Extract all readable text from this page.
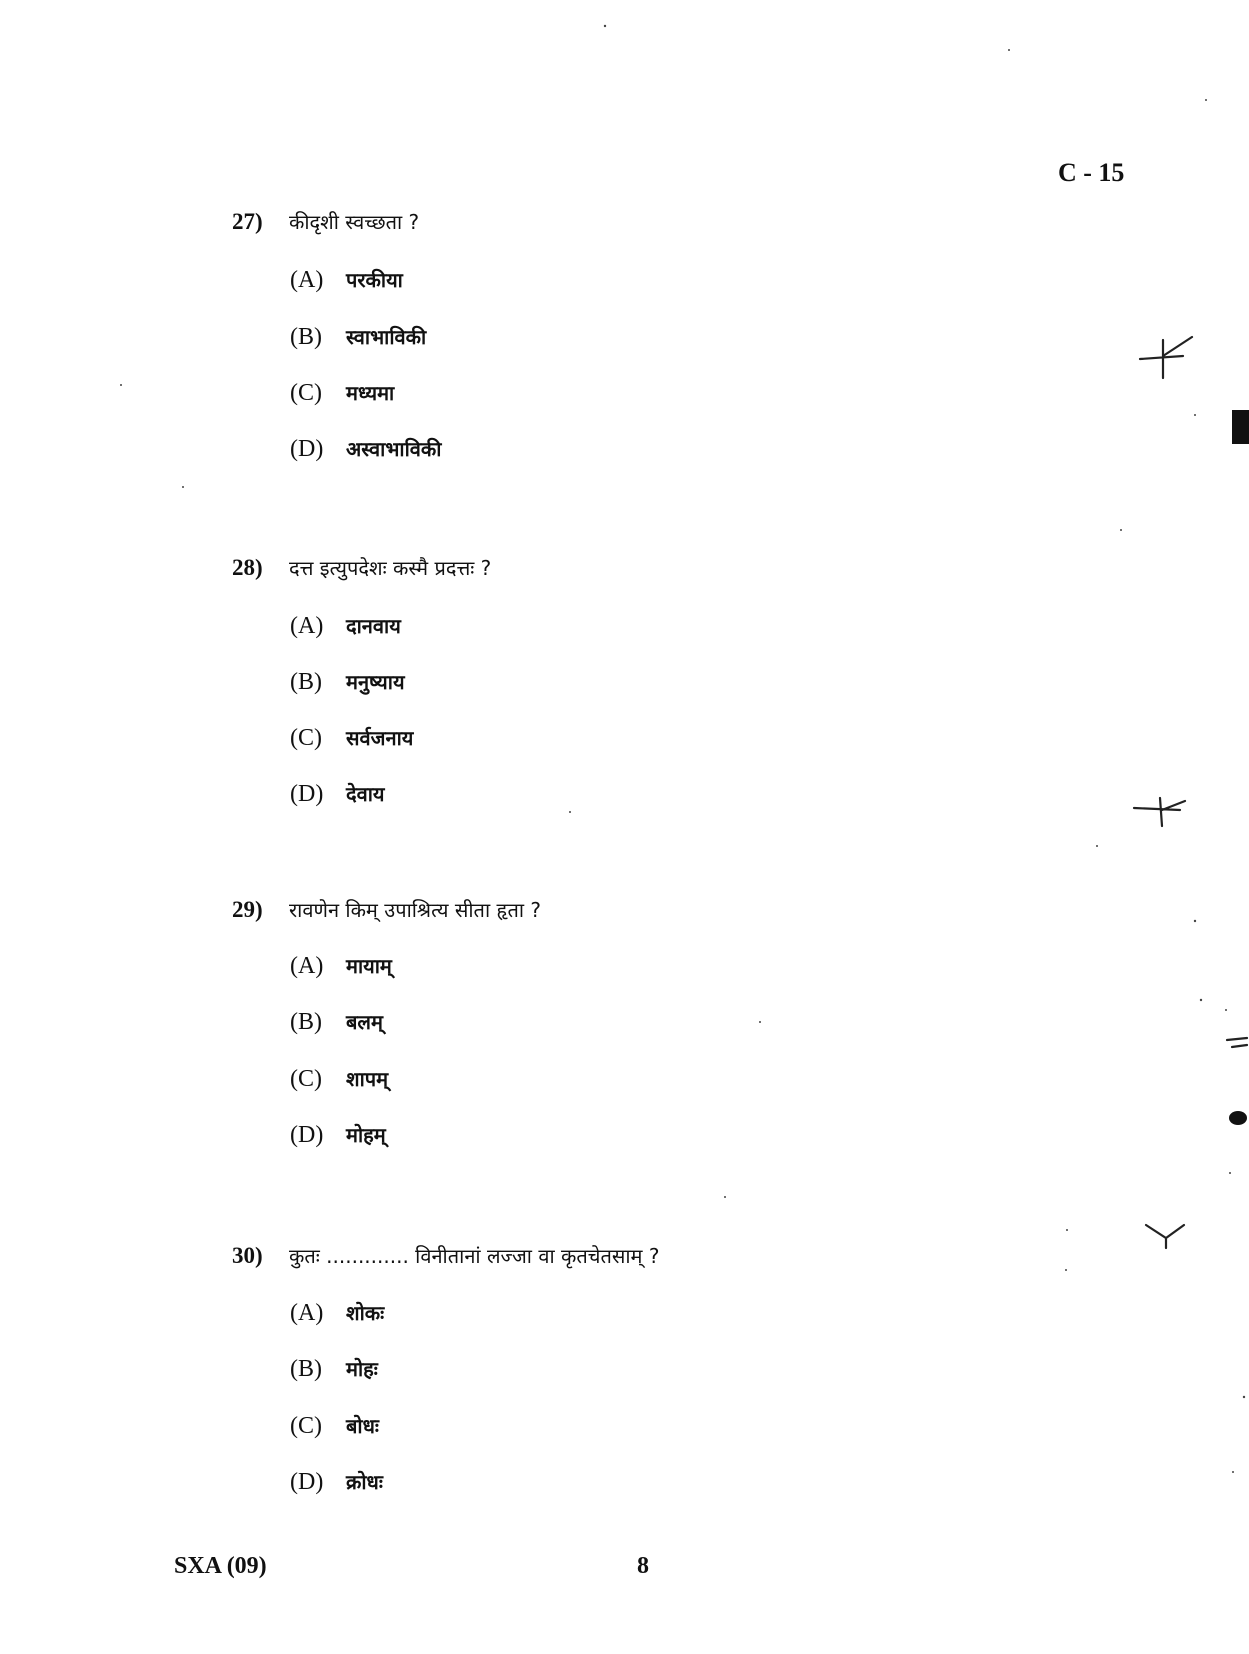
C - 15
27) कीदृशी स्वच्छता ?
(A) परकीया
(B) स्वाभाविकी
(C) मध्यमा
(D) अस्वाभाविकी
28) दत्त इत्युपदेशः कस्मै प्रदत्तः ?
(A) दानवाय
(B) मनुष्याय
(C) सर्वजनाय
(D) देवाय
29) रावणेन किम् उपाश्रित्य सीता हृता ?
(A) मायाम्
(B) बलम्
(C) शापम्
(D) मोहम्
30) कुतः ............. विनीतानां लज्जा वा कृतचेतसाम् ?
(A) शोकः
(B) मोहः
(C) बोधः
(D) क्रोधः
SXA (09)	8
